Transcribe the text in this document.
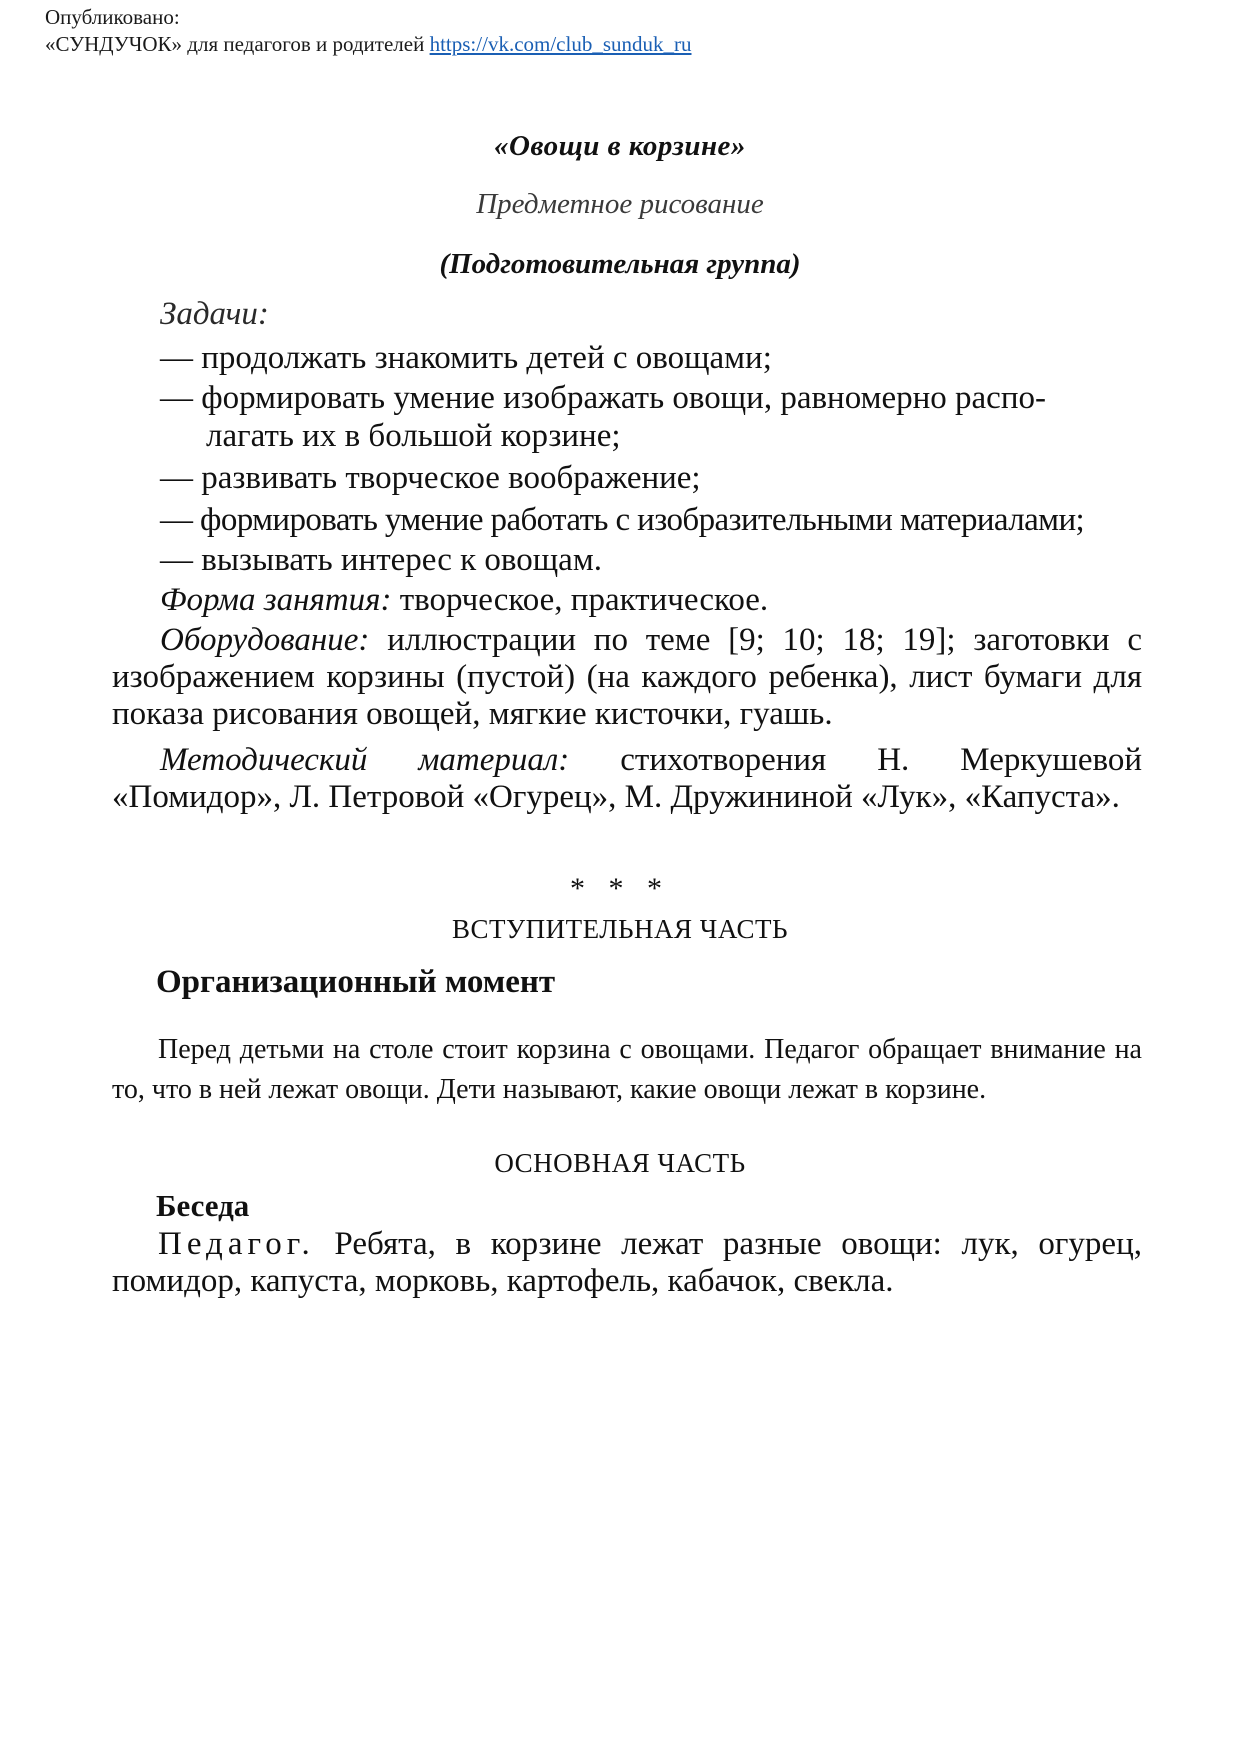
Опубликовано:
«СУНДУЧОК» для педагогов и родителей https://vk.com/club_sunduk_ru
«Овощи в корзине»
Предметное рисование
(Подготовительная группа)
Задачи:
— продолжать знакомить детей с овощами;
— формировать умение изображать овощи, равномерно распо-
лагать их в большой корзине;
— развивать творческое воображение;
— формировать умение работать с изобразительными материалами;
— вызывать интерес к овощам.
Форма занятия: творческое, практическое.
Оборудование: иллюстрации по теме [9; 10; 18; 19]; заготовки с изображением корзины (пустой) (на каждого ребенка), лист бумаги для показа рисования овощей, мягкие кисточки, гуашь.
Методический материал: стихотворения Н. Меркушевой «Помидор», Л. Петровой «Огурец», М. Дружининой «Лук», «Капуста».
* * *
ВСТУПИТЕЛЬНАЯ ЧАСТЬ
Организационный момент
Перед детьми на столе стоит корзина с овощами. Педагог обращает внимание на то, что в ней лежат овощи. Дети называют, какие овощи лежат в корзине.
ОСНОВНАЯ ЧАСТЬ
Беседа
Педагог. Ребята, в корзине лежат разные овощи: лук, огурец, помидор, капуста, морковь, картофель, кабачок, свекла.
